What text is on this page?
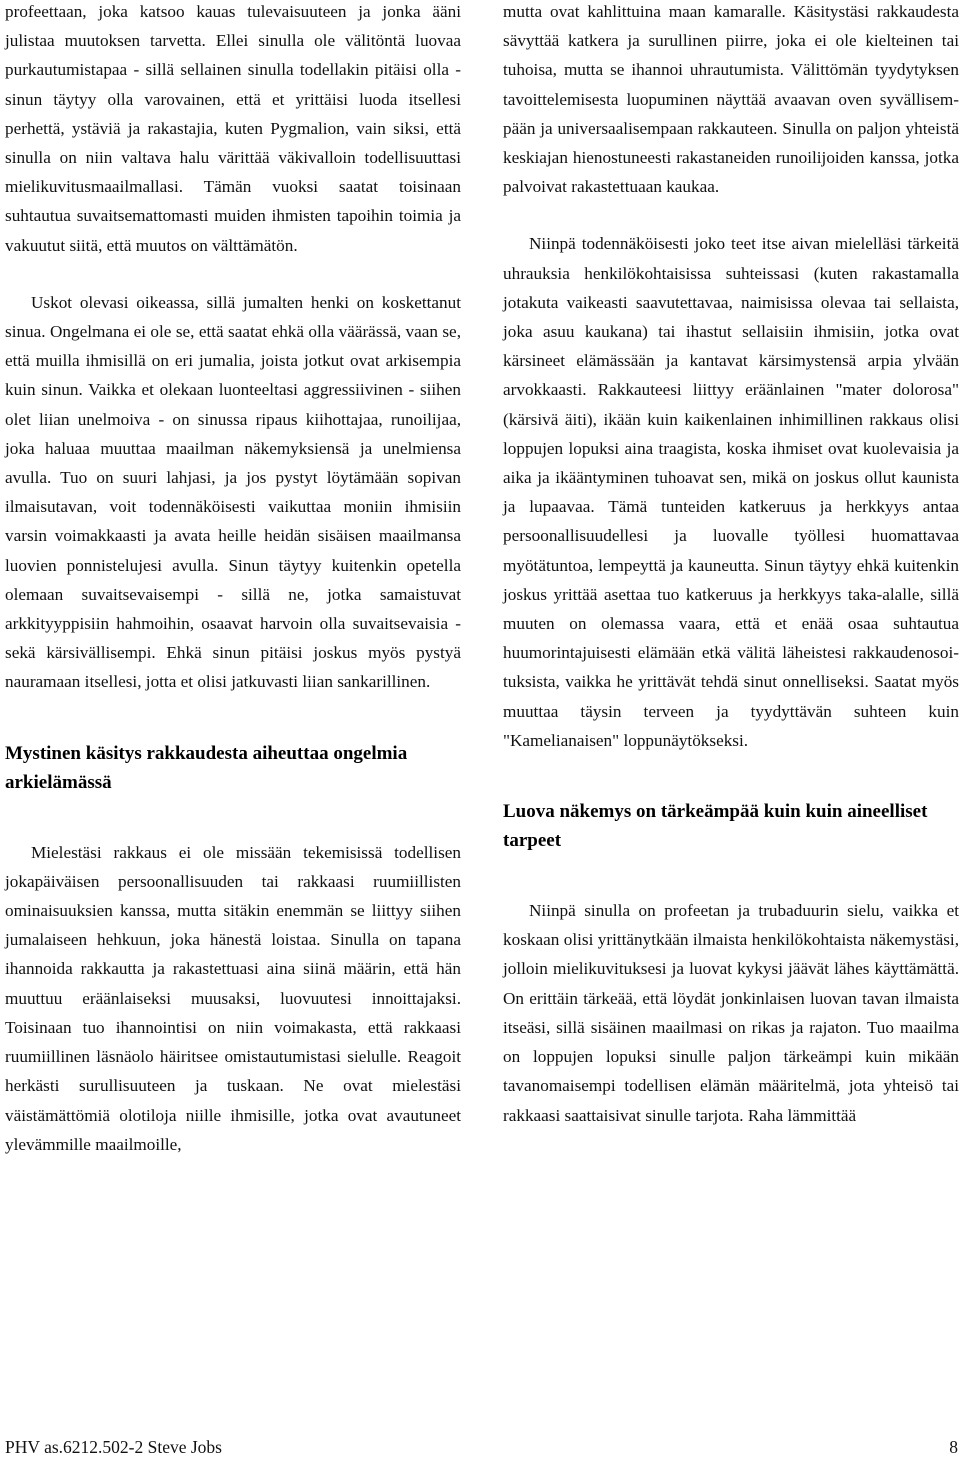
profeettaan, joka katsoo kauas tulevaisuuteen ja jonka ääni julistaa muutoksen tarvetta. Ellei sinulla ole välitöntä luovaa purkautumistapaa - sillä sellainen sinulla todellakin pitäisi olla - sinun täytyy olla varovainen, että et yrittäisi luoda itsellesi perhettä, ystäviä ja rakastajia, kuten Pygmalion, vain siksi, että sinulla on niin valtava halu värittää väkivalloin todellisuuttasi mielikuvitusmaailmallasi. Tämän vuoksi saatat toisinaan suhtautua suvaitsemattomasti muiden ihmisten tapoihin toimia ja vakuutut siitä, että muutos on välttämätön.

Uskot olevasi oikeassa, sillä jumalten henki on koskettanut sinua. Ongelmana ei ole se, että saatat ehkä olla väärässä, vaan se, että muilla ihmisillä on eri jumalia, joista jotkut ovat arkisempia kuin sinun. Vaikka et olekaan luonteeltasi aggressiivinen - siihen olet liian unelmoiva - on sinussa ripaus kiihottajaa, runoilijaa, joka haluaa muuttaa maailman näkemyksiensä ja unelmiensa avulla. Tuo on suuri lahjasi, ja jos pystyt löytämään sopivan ilmaisutavan, voit todennäköisesti vaikuttaa moniin ihmisiin varsin voimakkaasti ja avata heille heidän sisäisen maailmansa luovien ponnistelujesi avulla. Sinun täytyy kuitenkin opetella olemaan suvaitsevaisempi - sillä ne, jotka samaistuvat arkkityyppisiin hahmoihin, osaavat harvoin olla suvaitsevaisia - sekä kärsivällisempi. Ehkä sinun pitäisi joskus myös pystyä nauramaan itsellesi, jotta et olisi jatkuvasti liian sankarillinen.

Mystinen käsitys rakkaudesta aiheuttaa ongelmia arkielämässä

Mielestäsi rakkaus ei ole missään tekemisissä todellisen jokapäiväisen persoonallisuuden tai rakkaasi ruumiillisten ominaisuuksien kanssa, mutta sitäkin enemmän se liittyy siihen jumalaiseen hehkuun, joka hänestä loistaa. Sinulla on tapana ihannoida rakkautta ja rakastettuasi aina siinä määrin, että hän muuttuu eräänlaiseksi muusaksi, luovuutesi innoittajaksi. Toisinaan tuo ihannointisi on niin voimakasta, että rakkaasi ruumiillinen läsnäolo häiritsee omistautumistasi sielulle. Reagoit herkästi surullisuuteen ja tuskaan. Ne ovat mielestäsi väistämättömiä olotiloja niille ihmisille, jotka ovat avautuneet ylevämmille maailmoille,

mutta ovat kahlittuina maan kamaralle. Käsitystäsi rakkaudesta sävyttää katkera ja surullinen piirre, joka ei ole kielteinen tai tuhoisa, mutta se ihannoi uhrautumista. Välittömän tyydytyksen tavoittelemisesta luopuminen näyttää avaavan oven syvällisempään ja universaalisempaan rakkauteen. Sinulla on paljon yhteistä keskiajan hienostuneesti rakastaneiden runoilijoiden kanssa, jotka palvoivat rakastettuaan kaukaa.

Niinpä todennäköisesti joko teet itse aivan mielelläsi tärkeitä uhrauksia henkilökohtaisissa suhteissasi (kuten rakastamalla jotakuta vaikeasti saavutettavaa, naimisissa olevaa tai sellaista, joka asuu kaukana) tai ihastut sellaisiin ihmisiin, jotka ovat kärsineet elämässään ja kantavat kärsimystensä arpia ylvään arvokkaasti. Rakkauteesi liittyy eräänlainen "mater dolorosa" (kärsivä äiti), ikään kuin kaikenlainen inhimillinen rakkaus olisi loppujen lopuksi aina traagista, koska ihmiset ovat kuolevaisia ja aika ja ikääntyminen tuhoavat sen, mikä on joskus ollut kaunista ja lupaavaa. Tämä tunteiden katkeruus ja herkkyys antaa persoonallisuudellesi ja luovalle työllesi huomattavaa myötätuntoa, lempeyttä ja kauneutta. Sinun täytyy ehkä kuitenkin joskus yrittää asettaa tuo katkeruus ja herkkyys taka-alalle, sillä muuten on olemassa vaara, että et enää osaa suhtautua huumorintajuisesti elämään etkä välitä läheistesi rakkaudenosoituksista, vaikka he yrittävät tehdä sinut onnelliseksi. Saatat myös muuttaa täysin terveen ja tyydyttävän suhteen kuin "Kamelianaisen" loppunäytökseksi.

Luova näkemys on tärkeämpää kuin kuin aineelliset tarpeet

Niinpä sinulla on profeetan ja trubaduurin sielu, vaikka et koskaan olisi yrittänytkään ilmaista henkilökohtaista näkemystäsi, jolloin mielikuvituksesi ja luovat kykysi jäävät lähes käyttämättä. On erittäin tärkeää, että löydät jonkinlaisen luovan tavan ilmaista itseäsi, sillä sisäinen maailmasi on rikas ja rajaton. Tuo maailma on loppujen lopuksi sinulle paljon tärkeämpi kuin mikään tavanomaisempi todellisen elämän määritelmä, jota yhteisö tai rakkaasi saattaisivat sinulle tarjota. Raha lämmittää

PHV as.6212.502-2 Steve Jobs	8
